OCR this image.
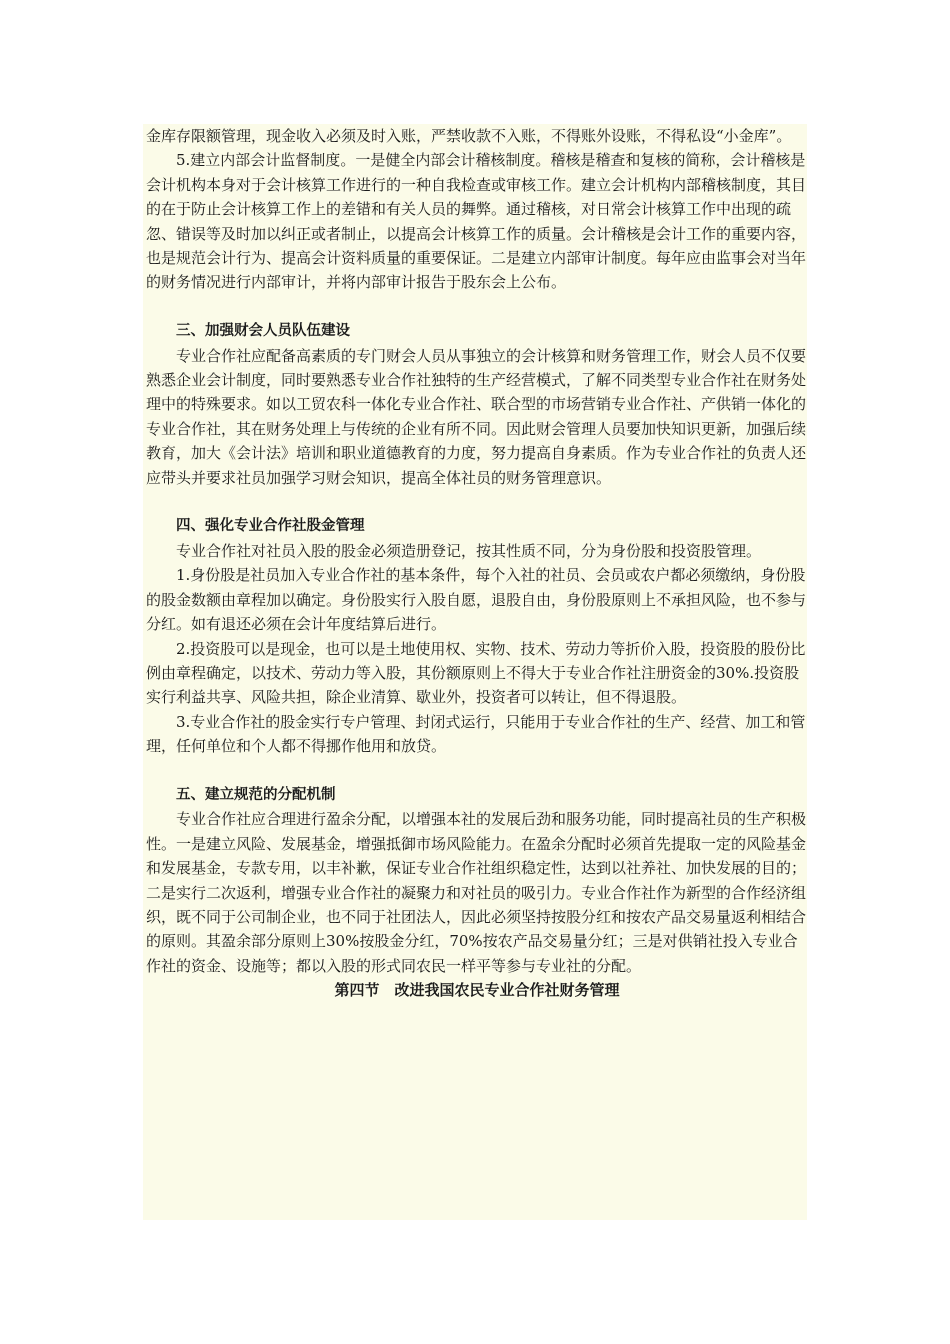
金库存限额管理，现金收入必须及时入账，严禁收款不入账，不得账外设账，不得私设“小金库”。

5.建立内部会计监督制度。一是健全内部会计稽核制度。稽核是稽查和复核的简称，会计稽核是会计机构本身对于会计核算工作进行的一种自我检查或审核工作。建立会计机构内部稽核制度，其目的在于防止会计核算工作上的差错和有关人员的舞弊。通过稽核，对日常会计核算工作中出现的疏忽、错误等及时加以纠正或者制止，以提高会计核算工作的质量。会计稽核是会计工作的重要内容，也是规范会计行为、提高会计资料质量的重要保证。二是建立内部审计制度。每年应由监事会对当年的财务情况进行内部审计，并将内部审计报告于股东会上公布。

三、加强财会人员队伍建设

专业合作社应配备高素质的专门财会人员从事独立的会计核算和财务管理工作，财会人员不仅要熟悉企业会计制度，同时要熟悉专业合作社独特的生产经营模式，了解不同类型专业合作社在财务处理中的特殊要求。如以工贸农科一体化专业合作社、联合型的市场营销专业合作社、产供销一体化的专业合作社，其在财务处理上与传统的企业有所不同。因此财会管理人员要加快知识更新，加强后续教育，加大《会计法》培训和职业道德教育的力度，努力提高自身素质。作为专业合作社的负责人还应带头并要求社员加强学习财会知识，提高全体社员的财务管理意识。

四、强化专业合作社股金管理

专业合作社对社员入股的股金必须造册登记，按其性质不同，分为身份股和投资股管理。

1.身份股是社员加入专业合作社的基本条件，每个入社的社员、会员或农户都必须缴纳，身份股的股金数额由章程加以确定。身份股实行入股自愿，退股自由，身份股原则上不承担风险，也不参与分红。如有退还必须在会计年度结算后进行。

2.投资股可以是现金，也可以是土地使用权、实物、技术、劳动力等折价入股，投资股的股份比例由章程确定，以技术、劳动力等入股，其份额原则上不得大于专业合作社注册资金的30%.投资股实行利益共享、风险共担，除企业清算、歇业外，投资者可以转让，但不得退股。

3.专业合作社的股金实行专户管理、封闭式运行，只能用于专业合作社的生产、经营、加工和管理，任何单位和个人都不得挪作他用和放贷。

五、建立规范的分配机制

专业合作社应合理进行盈余分配，以增强本社的发展后劲和服务功能，同时提高社员的生产积极性。一是建立风险、发展基金，增强抵御市场风险能力。在盈余分配时必须首先提取一定的风险基金和发展基金，专款专用，以丰补歉，保证专业合作社组织稳定性，达到以社养社、加快发展的目的；二是实行二次返利，增强专业合作社的凝聚力和对社员的吸引力。专业合作社作为新型的合作经济组织，既不同于公司制企业，也不同于社团法人，因此必须坚持按股分红和按农产品交易量返利相结合的原则。其盈余部分原则上30%按股金分红，70%按农产品交易量分红；三是对供销社投入专业合作社的资金、设施等；都以入股的形式同农民一样平等参与专业社的分配。

第四节　改进我国农民专业合作社财务管理
